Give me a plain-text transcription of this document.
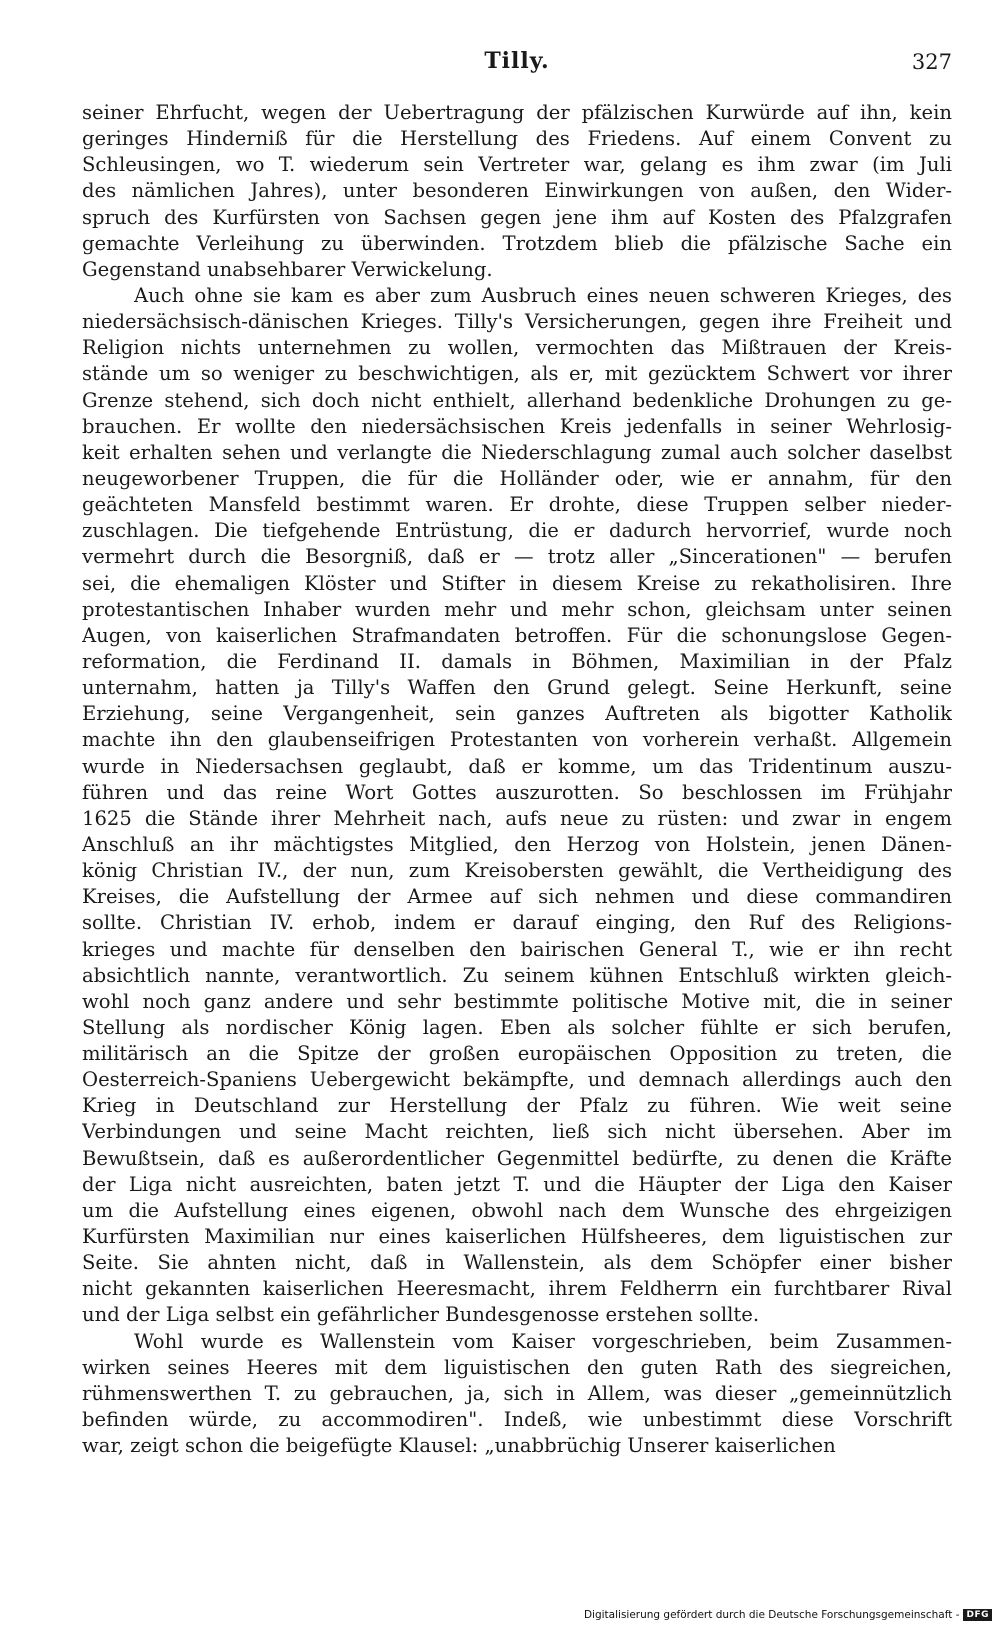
Tilly.	327
seiner Ehrfucht, wegen der Uebertragung der pfälzischen Kurwürde auf ihn, kein
geringes Hinderniß für die Herstellung des Friedens. Auf einem Convent zu
Schleusingen, wo T. wiederum sein Vertreter war, gelang es ihm zwar (im Juli
des nämlichen Jahres), unter besonderen Einwirkungen von außen, den Wider-
spruch des Kurfürsten von Sachsen gegen jene ihm auf Kosten des Pfalzgrafen
gemachte Verleihung zu überwinden. Trotzdem blieb die pfälzische Sache ein
Gegenstand unabsehbarer Verwickelung.
Auch ohne sie kam es aber zum Ausbruch eines neuen schweren Krieges, des
niedersächsisch-dänischen Krieges. Tilly's Versicherungen, gegen ihre Freiheit und
Religion nichts unternehmen zu wollen, vermochten das Mißtrauen der Kreis-
stände um so weniger zu beschwichtigen, als er, mit gezücktem Schwert vor ihrer
Grenze stehend, sich doch nicht enthielt, allerhand bedenkliche Drohungen zu ge-
brauchen. Er wollte den niedersächsischen Kreis jedenfalls in seiner Wehrlosig-
keit erhalten sehen und verlangte die Niederschlagung zumal auch solcher daselbst
neugeworbener Truppen, die für die Holländer oder, wie er annahm, für den
geächteten Mansfeld bestimmt waren. Er drohte, diese Truppen selber nieder-
zuschlagen. Die tiefgehende Entrüstung, die er dadurch hervorrief, wurde noch
vermehrt durch die Besorgniß, daß er — trotz aller „Sincerationen" — berufen
sei, die ehemaligen Klöster und Stifter in diesem Kreise zu rekatholisiren. Ihre
protestantischen Inhaber wurden mehr und mehr schon, gleichsam unter seinen
Augen, von kaiserlichen Strafmandaten betroffen. Für die schonungslose Gegen-
reformation, die Ferdinand II. damals in Böhmen, Maximilian in der Pfalz
unternahm, hatten ja Tilly's Waffen den Grund gelegt. Seine Herkunft, seine
Erziehung, seine Vergangenheit, sein ganzes Auftreten als bigotter Katholik
machte ihn den glaubenseifrigen Protestanten von vorherein verhaßt. Allgemein
wurde in Niedersachsen geglaubt, daß er komme, um das Tridentinum auszu-
führen und das reine Wort Gottes auszurotten. So beschlossen im Frühjahr
1625 die Stände ihrer Mehrheit nach, aufs neue zu rüsten: und zwar in engem
Anschluß an ihr mächtigstes Mitglied, den Herzog von Holstein, jenen Dänen-
könig Christian IV., der nun, zum Kreisobersten gewählt, die Vertheidigung des
Kreises, die Aufstellung der Armee auf sich nehmen und diese commandiren
sollte. Christian IV. erhob, indem er darauf einging, den Ruf des Religions-
krieges und machte für denselben den bairischen General T., wie er ihn recht
absichtlich nannte, verantwortlich. Zu seinem kühnen Entschluß wirkten gleich-
wohl noch ganz andere und sehr bestimmte politische Motive mit, die in seiner
Stellung als nordischer König lagen. Eben als solcher fühlte er sich berufen,
militärisch an die Spitze der großen europäischen Opposition zu treten, die
Oesterreich-Spaniens Uebergewicht bekämpfte, und demnach allerdings auch den
Krieg in Deutschland zur Herstellung der Pfalz zu führen. Wie weit seine
Verbindungen und seine Macht reichten, ließ sich nicht übersehen. Aber im
Bewußtsein, daß es außerordentlicher Gegenmittel bedürfte, zu denen die Kräfte
der Liga nicht ausreichten, baten jetzt T. und die Häupter der Liga den Kaiser
um die Aufstellung eines eigenen, obwohl nach dem Wunsche des ehrgeizigen
Kurfürsten Maximilian nur eines kaiserlichen Hülfsheeres, dem liguistischen zur
Seite. Sie ahnten nicht, daß in Wallenstein, als dem Schöpfer einer bisher
nicht gekannten kaiserlichen Heeresmacht, ihrem Feldherrn ein furchtbarer Rival
und der Liga selbst ein gefährlicher Bundesgenosse erstehen sollte.
Wohl wurde es Wallenstein vom Kaiser vorgeschrieben, beim Zusammen-
wirken seines Heeres mit dem liguistischen den guten Rath des siegreichen,
rühmenswerthen T. zu gebrauchen, ja, sich in Allem, was dieser „gemeinnützlich
befinden würde, zu accommodiren". Indeß, wie unbestimmt diese Vorschrift
war, zeigt schon die beigefügte Klausel: „unabbrüchig Unserer kaiserlichen
Digitalisierung gefördert durch die Deutsche Forschungsgemeinschaft - DFG
